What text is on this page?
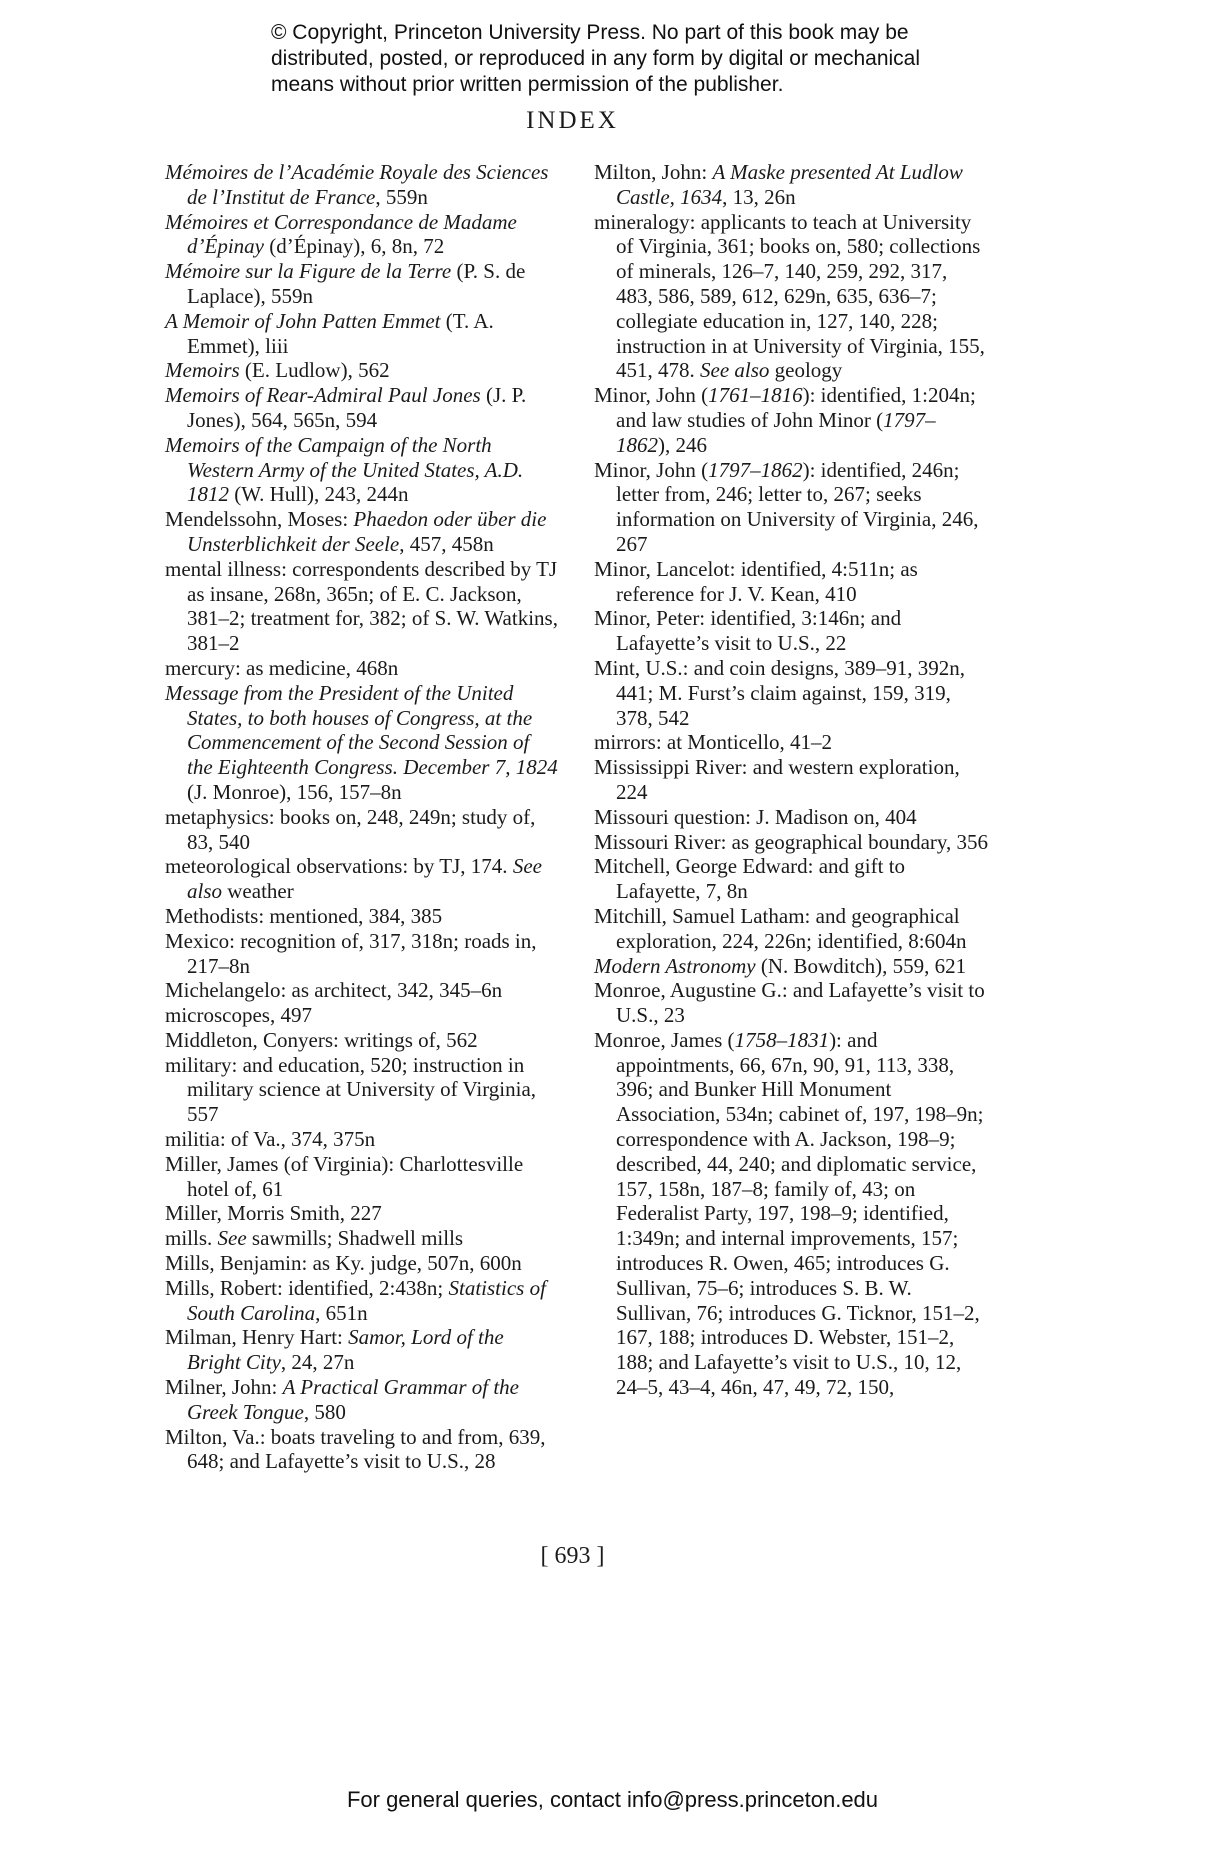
© Copyright, Princeton University Press. No part of this book may be
distributed, posted, or reproduced in any form by digital or mechanical
means without prior written permission of the publisher.
INDEX
Mémoires de l’Académie Royale des Sciences de l’Institut de France, 559n
Mémoires et Correspondance de Madame d’Épinay (d’Épinay), 6, 8n, 72
Mémoire sur la Figure de la Terre (P. S. de Laplace), 559n
A Memoir of John Patten Emmet (T. A. Emmet), liii
Memoirs (E. Ludlow), 562
Memoirs of Rear-Admiral Paul Jones (J. P. Jones), 564, 565n, 594
Memoirs of the Campaign of the North Western Army of the United States, A.D. 1812 (W. Hull), 243, 244n
Mendelssohn, Moses: Phaedon oder über die Unsterblichkeit der Seele, 457, 458n
mental illness: correspondents described by TJ as insane, 268n, 365n; of E. C. Jackson, 381–2; treatment for, 382; of S. W. Watkins, 381–2
mercury: as medicine, 468n
Message from the President of the United States, to both houses of Congress, at the Commencement of the Second Session of the Eighteenth Congress. December 7, 1824 (J. Monroe), 156, 157–8n
metaphysics: books on, 248, 249n; study of, 83, 540
meteorological observations: by TJ, 174. See also weather
Methodists: mentioned, 384, 385
Mexico: recognition of, 317, 318n; roads in, 217–8n
Michelangelo: as architect, 342, 345–6n
microscopes, 497
Middleton, Conyers: writings of, 562
military: and education, 520; instruction in military science at University of Virginia, 557
militia: of Va., 374, 375n
Miller, James (of Virginia): Charlottesville hotel of, 61
Miller, Morris Smith, 227
mills. See sawmills; Shadwell mills
Mills, Benjamin: as Ky. judge, 507n, 600n
Mills, Robert: identified, 2:438n; Statistics of South Carolina, 651n
Milman, Henry Hart: Samor, Lord of the Bright City, 24, 27n
Milner, John: A Practical Grammar of the Greek Tongue, 580
Milton, Va.: boats traveling to and from, 639, 648; and Lafayette’s visit to U.S., 28
Milton, John: A Maske presented At Ludlow Castle, 1634, 13, 26n
mineralogy: applicants to teach at University of Virginia, 361; books on, 580; collections of minerals, 126–7, 140, 259, 292, 317, 483, 586, 589, 612, 629n, 635, 636–7; collegiate education in, 127, 140, 228; instruction in at University of Virginia, 155, 451, 478. See also geology
Minor, John (1761–1816): identified, 1:204n; and law studies of John Minor (1797–1862), 246
Minor, John (1797–1862): identified, 246n; letter from, 246; letter to, 267; seeks information on University of Virginia, 246, 267
Minor, Lancelot: identified, 4:511n; as reference for J. V. Kean, 410
Minor, Peter: identified, 3:146n; and Lafayette’s visit to U.S., 22
Mint, U.S.: and coin designs, 389–91, 392n, 441; M. Furst’s claim against, 159, 319, 378, 542
mirrors: at Monticello, 41–2
Mississippi River: and western exploration, 224
Missouri question: J. Madison on, 404
Missouri River: as geographical boundary, 356
Mitchell, George Edward: and gift to Lafayette, 7, 8n
Mitchill, Samuel Latham: and geographical exploration, 224, 226n; identified, 8:604n
Modern Astronomy (N. Bowditch), 559, 621
Monroe, Augustine G.: and Lafayette’s visit to U.S., 23
Monroe, James (1758–1831): and appointments, 66, 67n, 90, 91, 113, 338, 396; and Bunker Hill Monument Association, 534n; cabinet of, 197, 198–9n; correspondence with A. Jackson, 198–9; described, 44, 240; and diplomatic service, 157, 158n, 187–8; family of, 43; on Federalist Party, 197, 198–9; identified, 1:349n; and internal improvements, 157; introduces R. Owen, 465; introduces G. Sullivan, 75–6; introduces S. B. W. Sullivan, 76; introduces G. Ticknor, 151–2, 167, 188; introduces D. Webster, 151–2, 188; and Lafayette’s visit to U.S., 10, 12, 24–5, 43–4, 46n, 47, 49, 72, 150,
[ 693 ]
For general queries, contact info@press.princeton.edu
